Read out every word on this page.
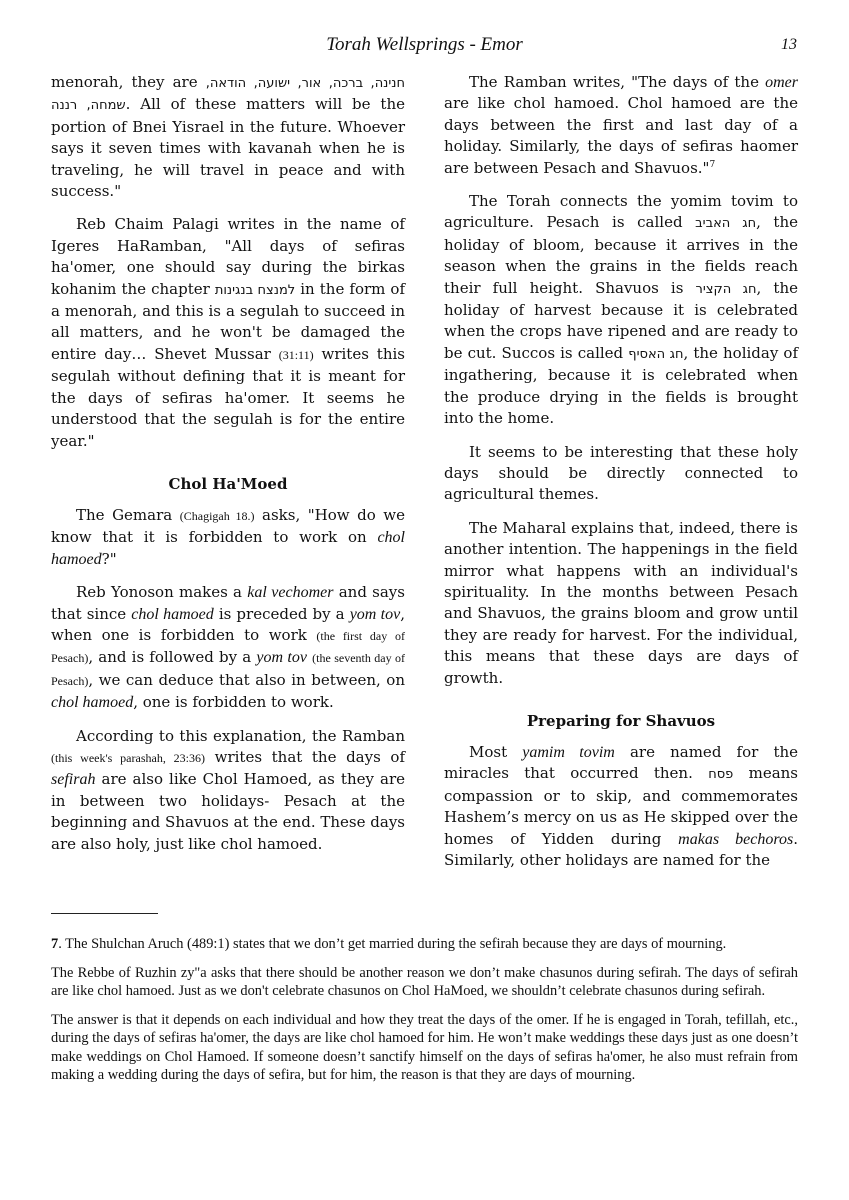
Torah Wellsprings - Emor	13

menorah, they are חנינה, ברכה, אור, ישועה, הודאה, שמחה, רננה. All of these matters will be the portion of Bnei Yisrael in the future. Whoever says it seven times with kavanah when he is traveling, he will travel in peace and with success."

Reb Chaim Palagi writes in the name of Igeres HaRamban, "All days of sefiras ha'omer, one should say during the birkas kohanim the chapter למנצח בנגינות in the form of a menorah, and this is a segulah to succeed in all matters, and he won't be damaged the entire day… Shevet Mussar (31:11) writes this segulah without defining that it is meant for the days of sefiras ha'omer. It seems he understood that the segulah is for the entire year."

Chol Ha'Moed

The Gemara (Chagigah 18.) asks, "How do we know that it is forbidden to work on chol hamoed?"

Reb Yonoson makes a kal vechomer and says that since chol hamoed is preceded by a yom tov, when one is forbidden to work (the first day of Pesach), and is followed by a yom tov (the seventh day of Pesach), we can deduce that also in between, on chol hamoed, one is forbidden to work.

According to this explanation, the Ramban (this week's parashah, 23:36) writes that the days of sefirah are also like Chol Hamoed, as they are in between two holidays- Pesach at the beginning and Shavuos at the end. These days are also holy, just like chol hamoed.

The Ramban writes, "The days of the omer are like chol hamoed. Chol hamoed are the days between the first and last day of a holiday. Similarly, the days of sefiras haomer are between Pesach and Shavuos."$^7$

The Torah connects the yomim tovim to agriculture. Pesach is called חג האביב, the holiday of bloom, because it arrives in the season when the grains in the fields reach their full height. Shavuos is חג הקציר, the holiday of harvest because it is celebrated when the crops have ripened and are ready to be cut. Succos is called חג האסיף, the holiday of ingathering, because it is celebrated when the produce drying in the fields is brought into the home.

It seems to be interesting that these holy days should be directly connected to agricultural themes.

The Maharal explains that, indeed, there is another intention. The happenings in the field mirror what happens with an individual's spirituality. In the months between Pesach and Shavuos, the grains bloom and grow until they are ready for harvest. For the individual, this means that these days are days of growth.

Preparing for Shavuos

Most yamim tovim are named for the miracles that occurred then. פסח means compassion or to skip, and commemorates Hashem’s mercy on us as He skipped over the homes of Yidden during makas bechoros. Similarly, other holidays are named for the

7. The Shulchan Aruch (489:1) states that we don’t get married during the sefirah because they are days of mourning.

The Rebbe of Ruzhin zy"a asks that there should be another reason we don’t make chasunos during sefirah. The days of sefirah are like chol hamoed. Just as we don't celebrate chasunos on Chol HaMoed, we shouldn’t celebrate chasunos during sefirah.

The answer is that it depends on each individual and how they treat the days of the omer. If he is engaged in Torah, tefillah, etc., during the days of sefiras ha'omer, the days are like chol hamoed for him. He won’t make weddings these days just as one doesn’t make weddings on Chol Hamoed. If someone doesn’t sanctify himself on the days of sefiras ha'omer, he also must refrain from making a wedding during the days of sefira, but for him, the reason is that they are days of mourning.
